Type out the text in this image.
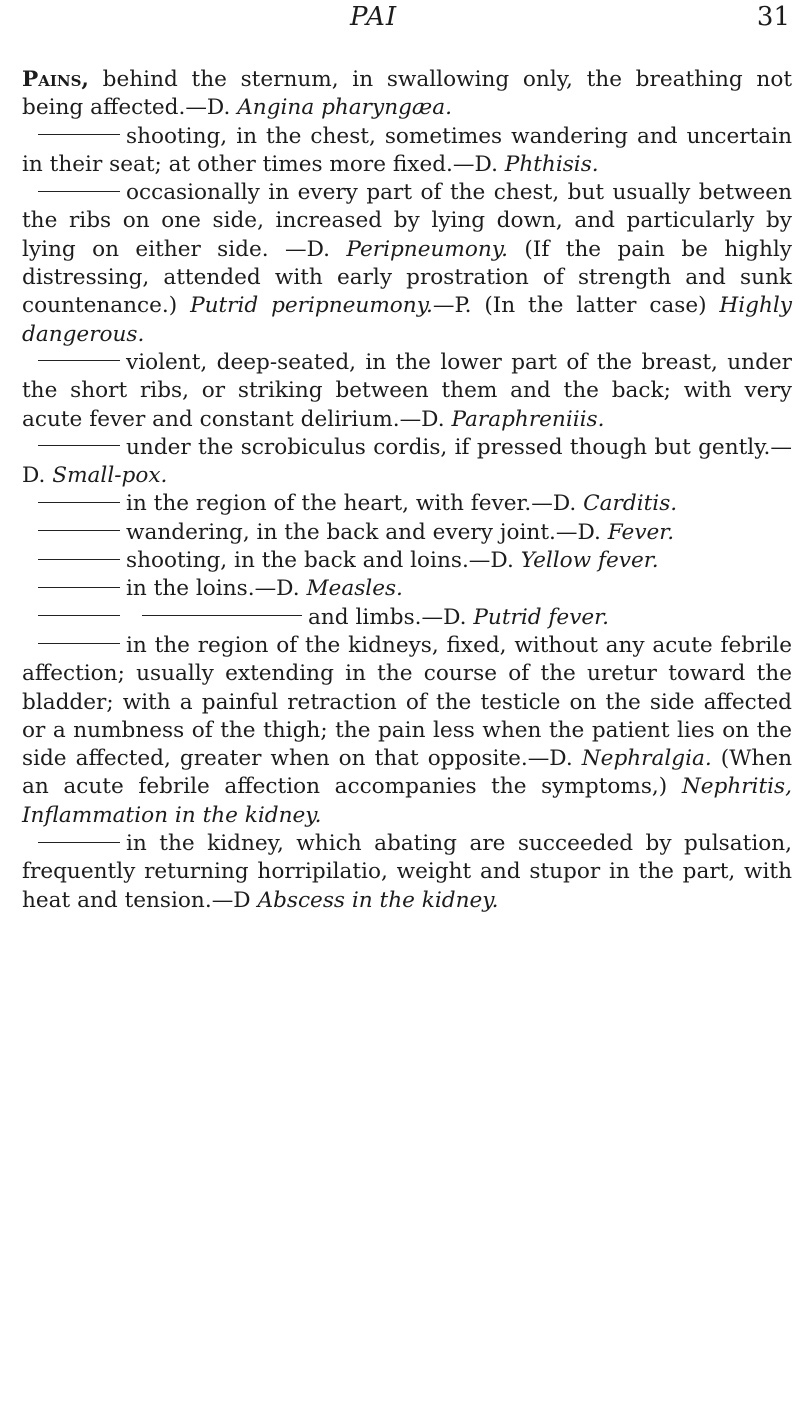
PAI	31

Pains, behind the sternum, in swallowing only, the breathing not being affected.—D. Angina pharyngæa.

shooting, in the chest, sometimes wandering and uncertain in their seat; at other times more fixed.—D. Phthisis.

occasionally in every part of the chest, but usually between the ribs on one side, increased by lying down, and particularly by lying on either side. —D. Peripneumony. (If the pain be highly distressing, attended with early prostration of strength and sunk countenance.) Putrid peripneumony.—P. (In the latter case) Highly dangerous.

violent, deep-seated, in the lower part of the breast, under the short ribs, or striking between them and the back; with very acute fever and constant delirium.—D. Paraphreniiis.

under the scrobiculus cordis, if pressed though but gently.—D. Small-pox.

in the region of the heart, with fever.—D. Carditis.

wandering, in the back and every joint.—D. Fever.

shooting, in the back and loins.—D. Yellow fever.

in the loins.—D. Measles.

and limbs.—D. Putrid fever.

in the region of the kidneys, fixed, without any acute febrile affection; usually extending in the course of the uretur toward the bladder; with a painful retraction of the testicle on the side affected or a numbness of the thigh; the pain less when the patient lies on the side affected, greater when on that opposite.—D. Nephralgia. (When an acute febrile affection accompanies the symptoms,) Nephritis, Inflammation in the kidney.

in the kidney, which abating are succeeded by pulsation, frequently returning horripilatio, weight and stupor in the part, with heat and tension.—D Abscess in the kidney.
